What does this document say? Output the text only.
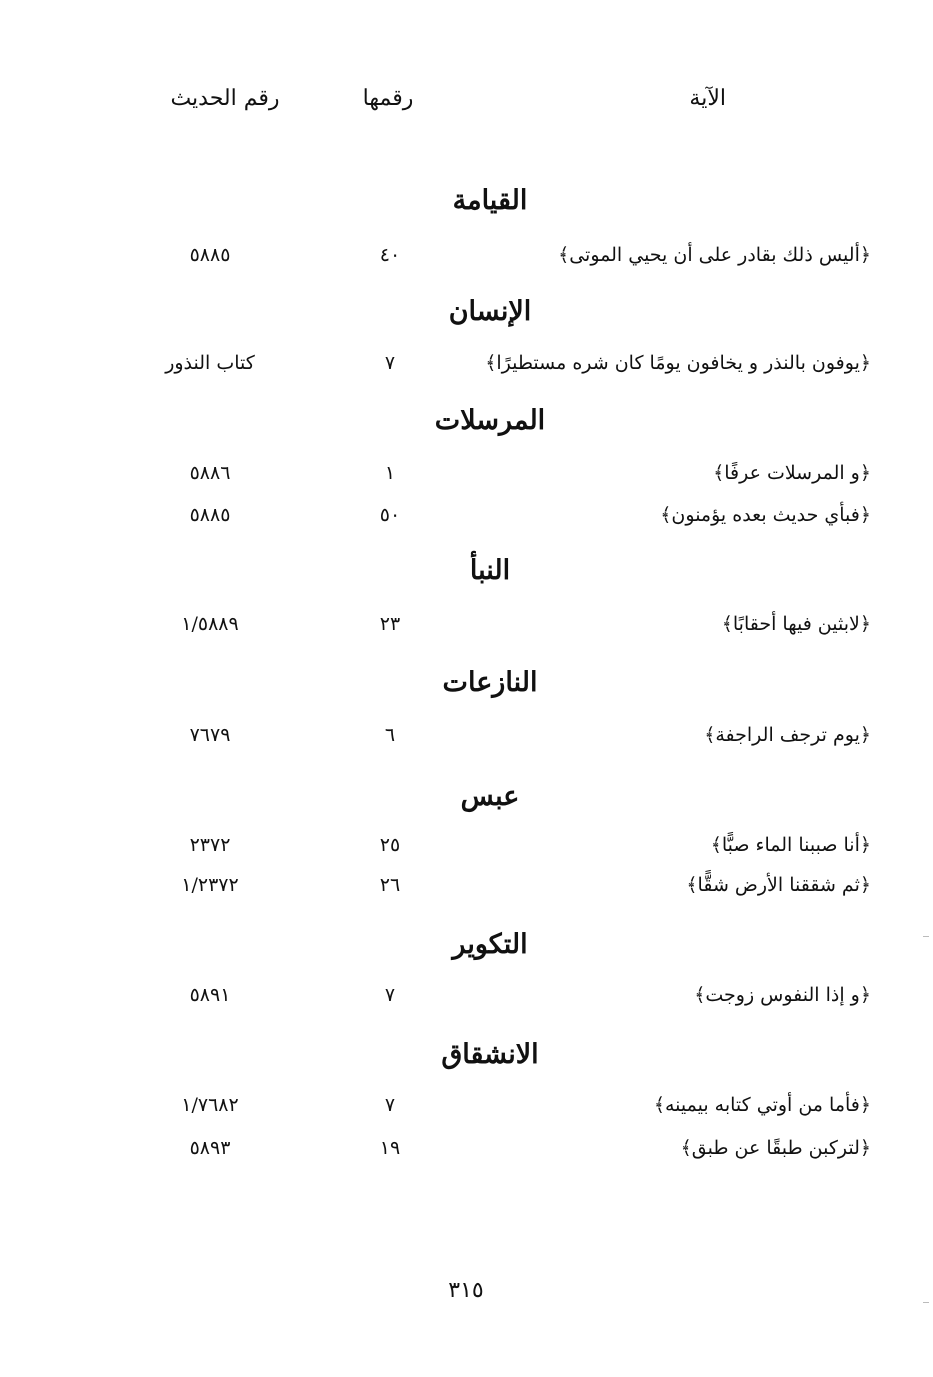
الآية
رقمها
رقم الحديث
القيامة
﴿أليس ذلك بقادر على أن يحيي الموتى﴾
٤٠
٥٨٨٥
الإنسان
﴿يوفون بالنذر و يخافون يومًا كان شره مستطيرًا﴾
٧
كتاب النذور
المرسلات
﴿و المرسلات عرفًا﴾
١
٥٨٨٦
﴿فبأي حديث بعده يؤمنون﴾
٥٠
٥٨٨٥
النبأ
﴿لابثين فيها أحقابًا﴾
٢٣
١/٥٨٨٩
النازعات
﴿يوم ترجف الراجفة﴾
٦
٧٦٧٩
عبس
﴿أنا صببنا الماء صبًّا﴾
٢٥
٢٣٧٢
﴿ثم شققنا الأرض شقًّا﴾
٢٦
١/٢٣٧٢
التكوير
﴿و إذا النفوس زوجت﴾
٧
٥٨٩١
الانشقاق
﴿فأما من أوتي كتابه بيمينه﴾
٧
١/٧٦٨٢
﴿لتركبن طبقًا عن طبق﴾
١٩
٥٨٩٣
٣١٥
